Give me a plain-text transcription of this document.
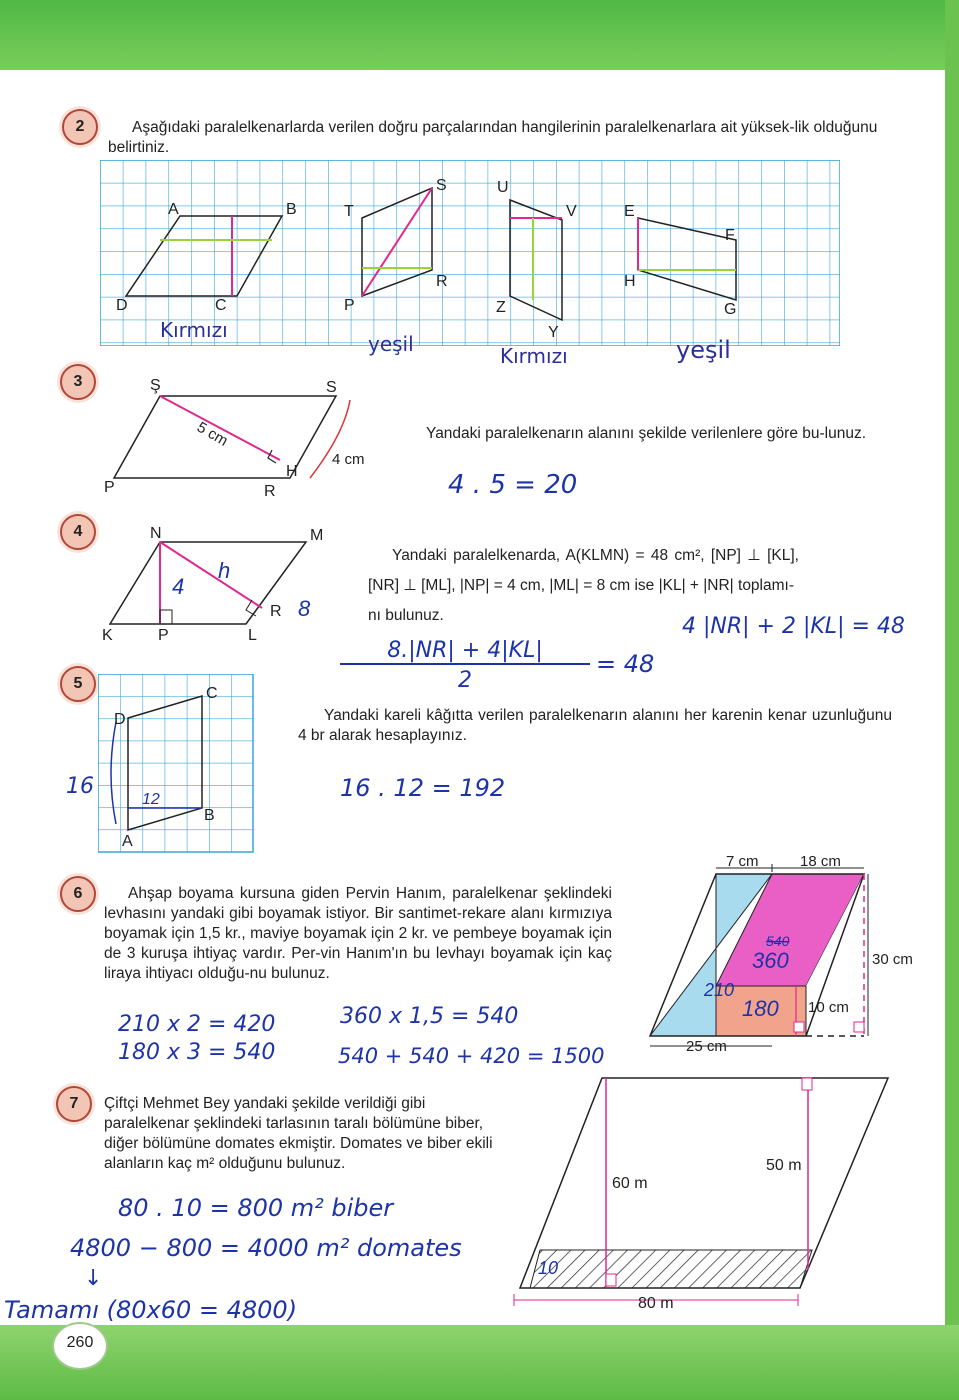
260
2	Aşağıdaki paralelkenarlarda verilen doğru parçalarından hangilerinin paralelkenarlara ait yüksek-lik olduğunu belirtiniz.
A	B
C
D
S
T
R
P
U
V
Z
Y
E
F
H
G
Kırmızı
yeşil	Kırmızı	yeşil
3	Ş	S
P	R
H
4 cm
5 cm	Yandaki paralelkenarın alanını şekilde verilenlere göre bu-lunuz.
4 . 5 = 20
4	N	M
K	P	L
R
4
h
8
Yandaki paralelkenarda, A(KLMN) = 48 cm², [NP] ⊥ [KL],
[NR] ⊥ [ML], |NP| = 4 cm, |ML| = 8 cm ise |KL| + |NR| toplamı-
nı bulunuz.	4 |NR| + 2 |KL| = 48
8.|NR| + 4|KL|
2
= 48
5
C
D
B
A
12
16
Yandaki kareli kâğıtta verilen paralelkenarın alanını her karenin kenar uzunluğunu 4 br alarak hesaplayınız.
16 . 12 = 192
6	Ahşap boyama kursuna giden Pervin Hanım, paralelkenar şeklindeki levhasını yandaki gibi boyamak istiyor. Bir santimet-rekare alanı kırmızıya boyamak için 1,5 kr., maviye boyamak için 2 kr. ve pembeye boyamak için de 3 kuruşa ihtiyaç vardır. Per-vin Hanım'ın bu levhayı boyamak için kaç liraya ihtiyacı olduğu-nu bulunuz.
7 cm	18 cm
30 cm
10 cm
25 cm
360
180
210
540
210 x 2 = 420
180 x 3 = 540
360 x 1,5 = 540
540 + 540 + 420 = 1500
7	Çiftçi Mehmet Bey yandaki şekilde verildiği gibi paralelkenar şeklindeki tarlasının taralı bölümüne biber, diğer bölümüne domates ekmiştir. Domates ve biber ekili alanların kaç m² olduğunu bulunuz.
60 m
50 m
80 m
10
80 . 10 = 800 m² biber
4800 − 800 = 4000 m² domates
↓
Tamamı (80x60 = 4800)
